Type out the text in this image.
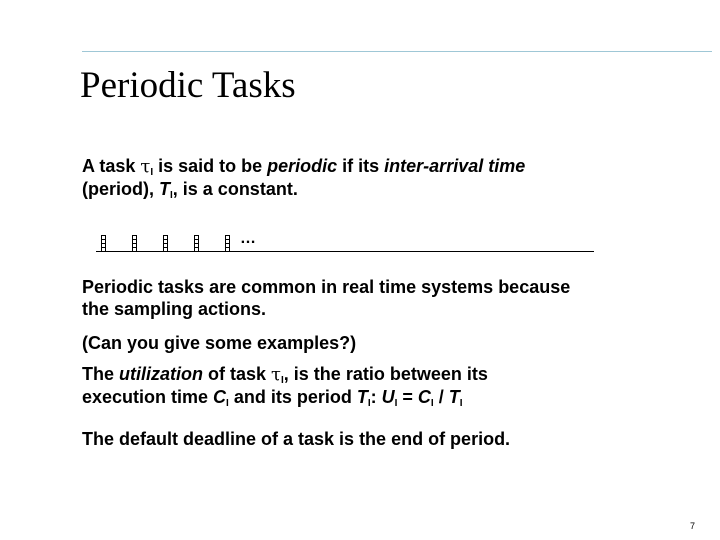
Periodic Tasks
A task $\tau_I$ is said to be periodic if its inter-arrival time
(period), $T_I$, is a constant.
…
Periodic tasks are common in real time systems because
the sampling actions.
(Can you give some examples?)
The utilization of task $\tau_I$, is the ratio between its
execution time $C_I$ and its period $T_I$: $U_I = C_I / T_I$
The default deadline of a task is the end of period.
7
